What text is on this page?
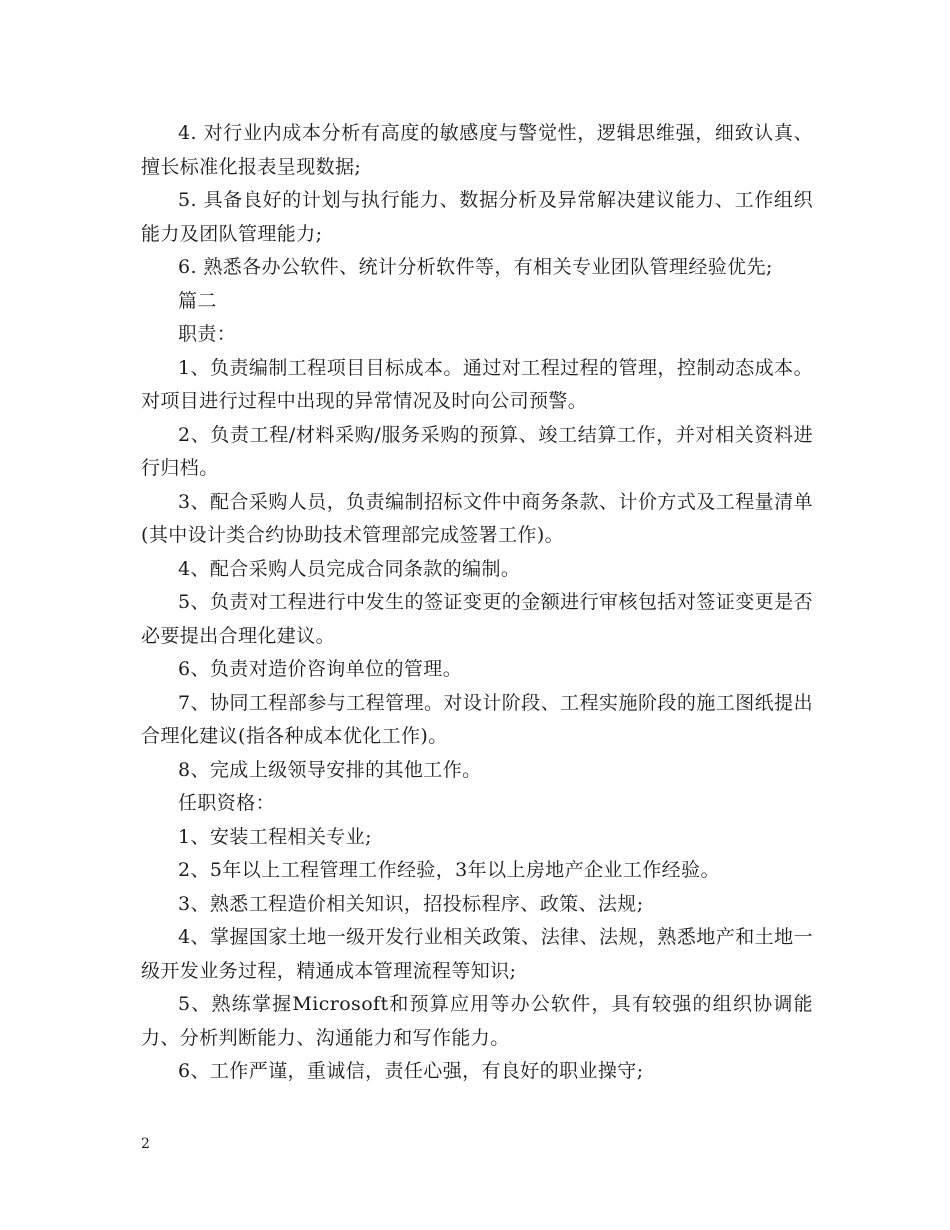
4. 对行业内成本分析有高度的敏感度与警觉性，逻辑思维强，细致认真、擅长标准化报表呈现数据;

5. 具备良好的计划与执行能力、数据分析及异常解决建议能力、工作组织能力及团队管理能力;

6. 熟悉各办公软件、统计分析软件等，有相关专业团队管理经验优先;

篇二

职责：

1、负责编制工程项目目标成本。通过对工程过程的管理，控制动态成本。对项目进行过程中出现的异常情况及时向公司预警。

2、负责工程/材料采购/服务采购的预算、竣工结算工作，并对相关资料进行归档。

3、配合采购人员，负责编制招标文件中商务条款、计价方式及工程量清单(其中设计类合约协助技术管理部完成签署工作)。

4、配合采购人员完成合同条款的编制。

5、负责对工程进行中发生的签证变更的金额进行审核包括对签证变更是否必要提出合理化建议。

6、负责对造价咨询单位的管理。

7、协同工程部参与工程管理。对设计阶段、工程实施阶段的施工图纸提出合理化建议(指各种成本优化工作)。

8、完成上级领导安排的其他工作。

任职资格：

1、安装工程相关专业;

2、5年以上工程管理工作经验，3年以上房地产企业工作经验。

3、熟悉工程造价相关知识，招投标程序、政策、法规;

4、掌握国家土地一级开发行业相关政策、法律、法规，熟悉地产和土地一级开发业务过程，精通成本管理流程等知识;

5、熟练掌握Microsoft和预算应用等办公软件，具有较强的组织协调能力、分析判断能力、沟通能力和写作能力。

6、工作严谨，重诚信，责任心强，有良好的职业操守;

2
